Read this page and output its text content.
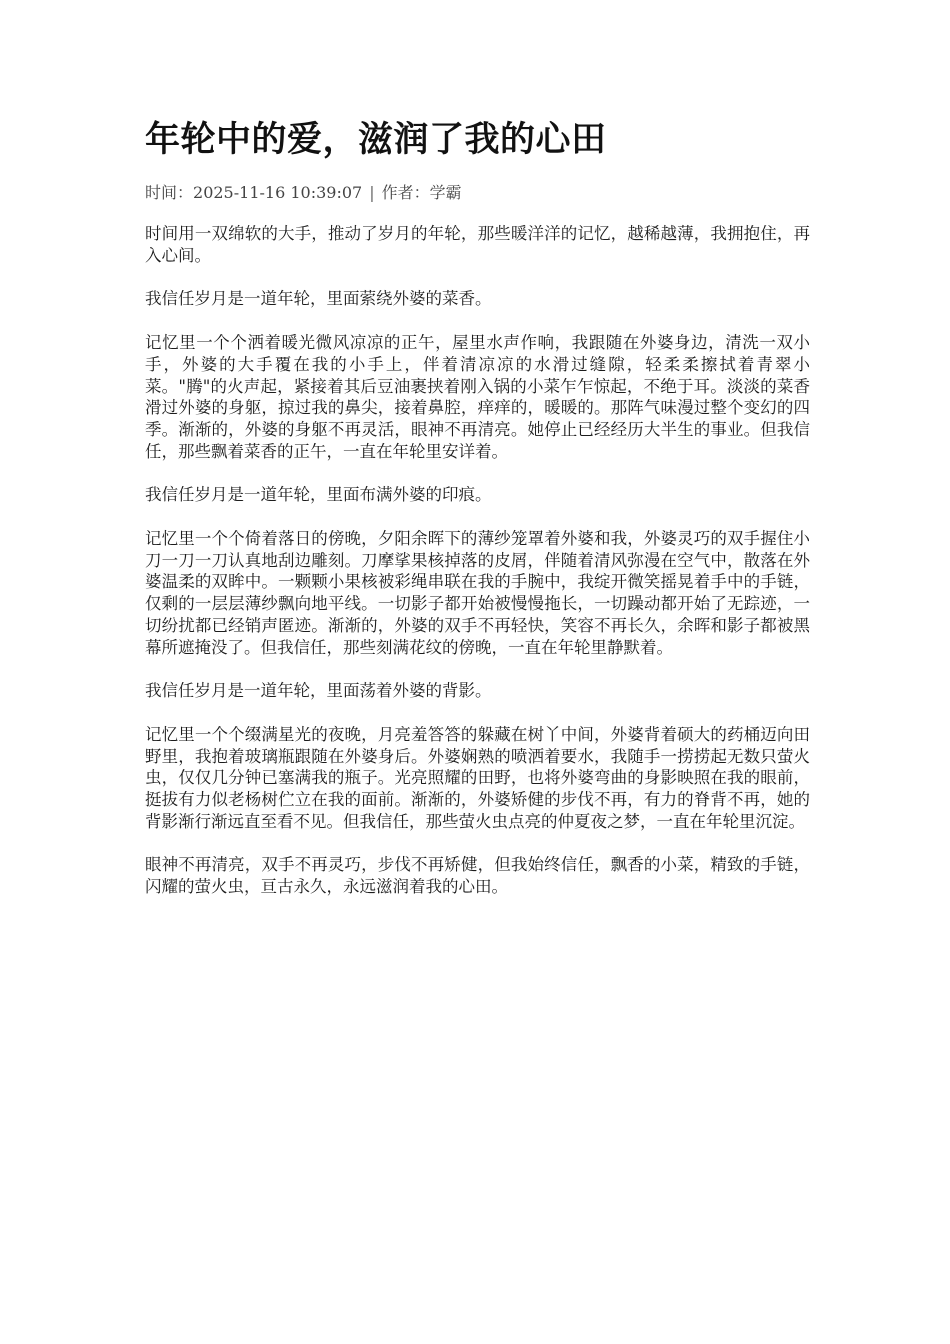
年轮中的爱，滋润了我的心田
时间：2025-11-16 10:39:07 | 作者：学霸

时间用一双绵软的大手，推动了岁月的年轮，那些暖洋洋的记忆，越稀越薄，我拥抱住，再入心间。

我信任岁月是一道年轮，里面萦绕外婆的菜香。

记忆里一个个洒着暖光微风凉凉的正午，屋里水声作响，我跟随在外婆身边，清洗一双小手，外婆的大手覆在我的小手上，伴着清凉凉的水滑过缝隙，轻柔柔擦拭着青翠小菜。"腾"的火声起，紧接着其后豆油裹挟着刚入锅的小菜乍乍惊起，不绝于耳。淡淡的菜香滑过外婆的身躯，掠过我的鼻尖，接着鼻腔，痒痒的，暖暖的。那阵气味漫过整个变幻的四季。渐渐的，外婆的身躯不再灵活，眼神不再清亮。她停止已经经历大半生的事业。但我信任，那些飘着菜香的正午，一直在年轮里安详着。

我信任岁月是一道年轮，里面布满外婆的印痕。

记忆里一个个倚着落日的傍晚，夕阳余晖下的薄纱笼罩着外婆和我，外婆灵巧的双手握住小刀一刀一刀认真地刮边雕刻。刀摩挲果核掉落的皮屑，伴随着清风弥漫在空气中，散落在外婆温柔的双眸中。一颗颗小果核被彩绳串联在我的手腕中，我绽开微笑摇晃着手中的手链，仅剩的一层层薄纱飘向地平线。一切影子都开始被慢慢拖长，一切躁动都开始了无踪迹，一切纷扰都已经销声匿迹。渐渐的，外婆的双手不再轻快，笑容不再长久，余晖和影子都被黑幕所遮掩没了。但我信任，那些刻满花纹的傍晚，一直在年轮里静默着。

我信任岁月是一道年轮，里面荡着外婆的背影。

记忆里一个个缀满星光的夜晚，月亮羞答答的躲藏在树丫中间，外婆背着硕大的药桶迈向田野里，我抱着玻璃瓶跟随在外婆身后。外婆娴熟的喷洒着要水，我随手一捞捞起无数只萤火虫，仅仅几分钟已塞满我的瓶子。光亮照耀的田野，也将外婆弯曲的身影映照在我的眼前，挺拔有力似老杨树伫立在我的面前。渐渐的，外婆矫健的步伐不再，有力的脊背不再，她的背影渐行渐远直至看不见。但我信任，那些萤火虫点亮的仲夏夜之梦，一直在年轮里沉淀。

眼神不再清亮，双手不再灵巧，步伐不再矫健，但我始终信任，飘香的小菜，精致的手链，闪耀的萤火虫，亘古永久，永远滋润着我的心田。
